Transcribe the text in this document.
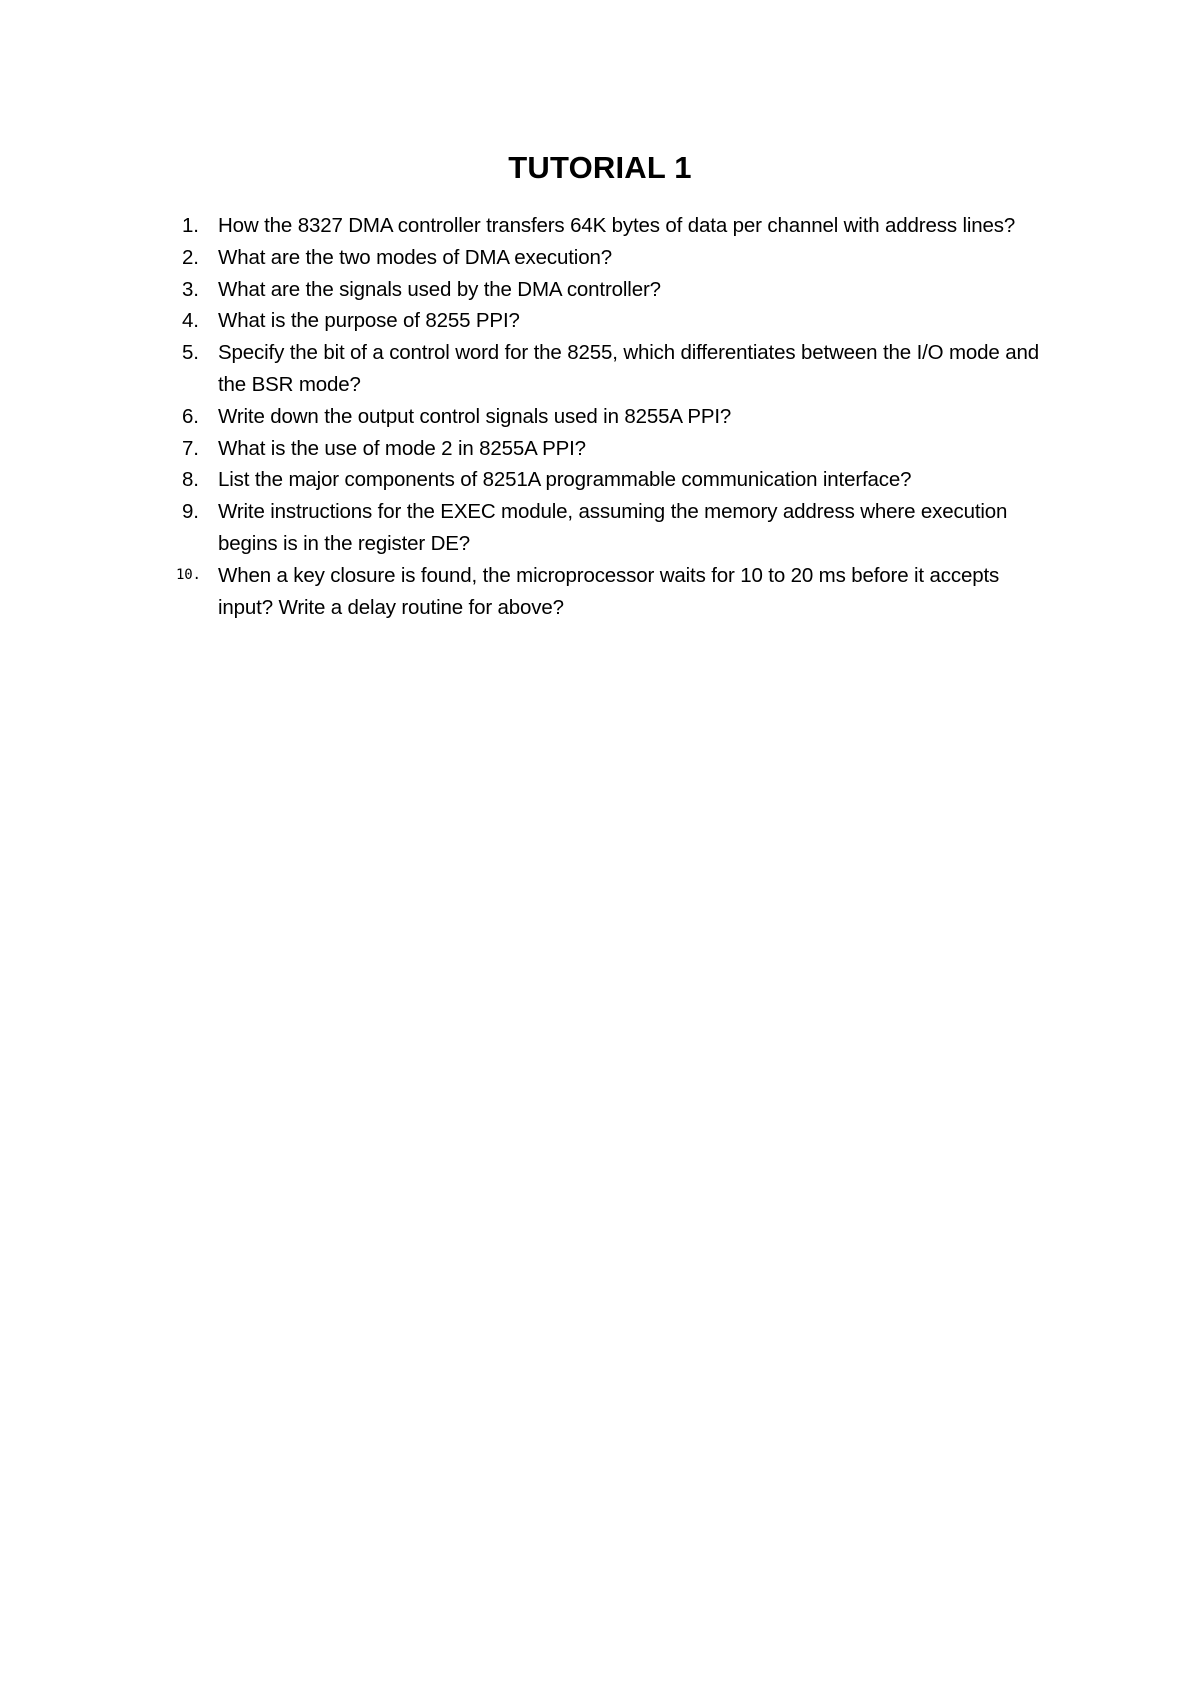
TUTORIAL 1
1. How the 8327 DMA controller transfers 64K bytes of data per channel with address lines?
2. What are the two modes of DMA execution?
3. What are the signals used by the DMA controller?
4. What is the purpose of 8255 PPI?
5. Specify the bit of a control word for the 8255, which differentiates between the I/O mode and the BSR mode?
6. Write down the output control signals used in 8255A PPI?
7. What is the use of mode 2 in 8255A PPI?
8. List the major components of 8251A programmable communication interface?
9. Write instructions for the EXEC module, assuming the memory address where execution begins is in the register DE?
10. When a key closure is found, the microprocessor waits for 10 to 20 ms before it accepts input? Write a delay routine for above?
